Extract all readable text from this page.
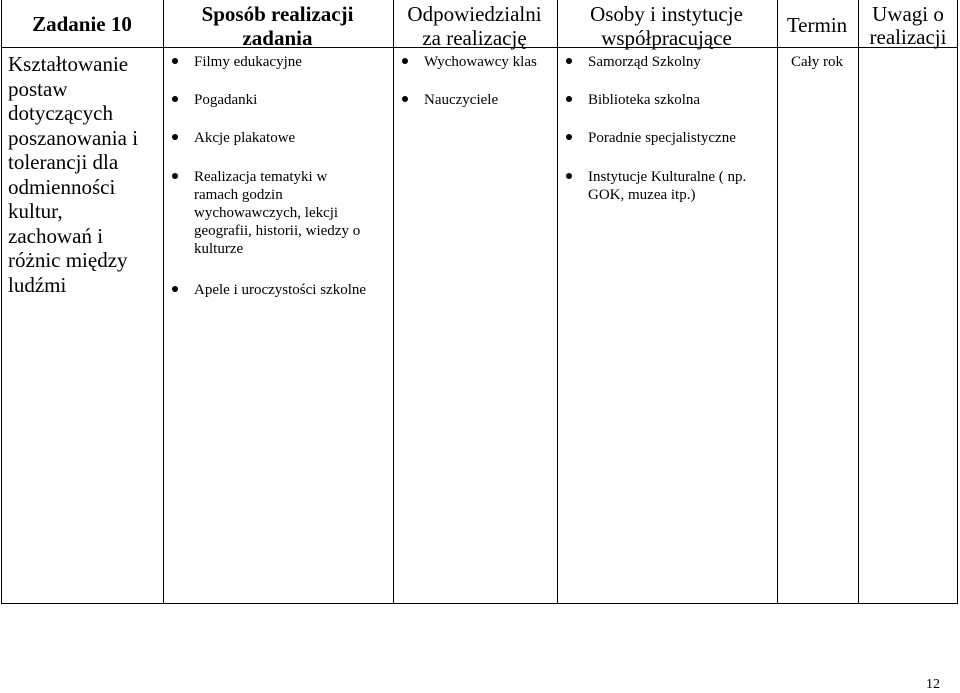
Zadanie 10	Sposób realizacji
zadania
Odpowiedzialni
za realizację
Osoby i instytucje
współpracujące
Termin	Uwagi o
realizacji
Kształtowanie
postaw
dotyczących
poszanowania i
tolerancji dla
odmienności
kultur,
zachowań i
różnic między
ludźmi
Filmy edukacyjne
Pogadanki
Akcje plakatowe
Realizacja tematyki w
ramach godzin
wychowawczych, lekcji
geografii, historii, wiedzy o
kulturze
Apele i uroczystości szkolne
Wychowawcy klas
Nauczyciele
Samorząd Szkolny
Biblioteka szkolna
Poradnie specjalistyczne
Instytucje Kulturalne ( np.
GOK, muzea itp.)
Cały rok
12
